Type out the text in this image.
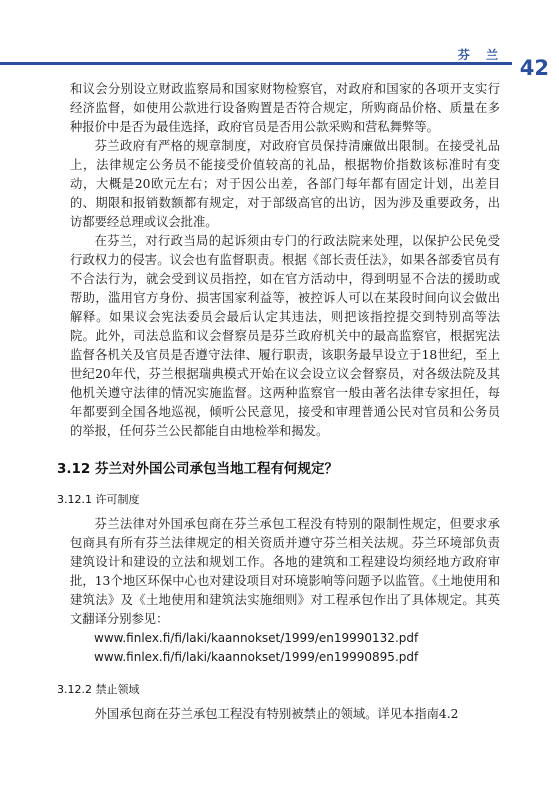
芬 兰
42

和议会分别设立财政监察局和国家财物检察官，对政府和国家的各项开支实行经济监督，如使用公款进行设备购置是否符合规定，所购商品价格、质量在多种报价中是否为最佳选择，政府官员是否用公款采购和营私舞弊等。

芬兰政府有严格的规章制度，对政府官员保持清廉做出限制。在接受礼品上，法律规定公务员不能接受价值较高的礼品，根据物价指数该标准时有变动，大概是20欧元左右；对于因公出差，各部门每年都有固定计划，出差目的、期限和报销数额都有规定，对于部级高官的出访，因为涉及重要政务，出访都要经总理或议会批准。

在芬兰，对行政当局的起诉须由专门的行政法院来处理，以保护公民免受行政权力的侵害。议会也有监督职责。根据《部长责任法》，如果各部委官员有不合法行为，就会受到议员指控，如在官方活动中，得到明显不合法的援助或帮助，滥用官方身份、损害国家利益等，被控诉人可以在某段时间向议会做出解释。如果议会宪法委员会最后认定其违法，则把该指控提交到特别高等法院。此外，司法总监和议会督察员是芬兰政府机关中的最高监察官，根据宪法监督各机关及官员是否遵守法律、履行职责，该职务最早设立于18世纪，至上世纪20年代，芬兰根据瑞典模式开始在议会设立议会督察员，对各级法院及其他机关遵守法律的情况实施监督。这两种监察官一般由著名法律专家担任，每年都要到全国各地巡视，倾听公民意见，接受和审理普通公民对官员和公务员的举报，任何芬兰公民都能自由地检举和揭发。

3.12 芬兰对外国公司承包当地工程有何规定？
3.12.1 许可制度

芬兰法律对外国承包商在芬兰承包工程没有特别的限制性规定，但要求承包商具有所有芬兰法律规定的相关资质并遵守芬兰相关法规。芬兰环境部负责建筑设计和建设的立法和规划工作。各地的建筑和工程建设均须经地方政府审批，13个地区环保中心也对建设项目对环境影响等问题予以监管。《土地使用和建筑法》及《土地使用和建筑法实施细则》对工程承包作出了具体规定。其英文翻译分别参见：

www.finlex.fi/fi/laki/kaannokset/1999/en19990132.pdf

www.finlex.fi/fi/laki/kaannokset/1999/en19990895.pdf

3.12.2 禁止领域

外国承包商在芬兰承包工程没有特别被禁止的领域。详见本指南4.2
